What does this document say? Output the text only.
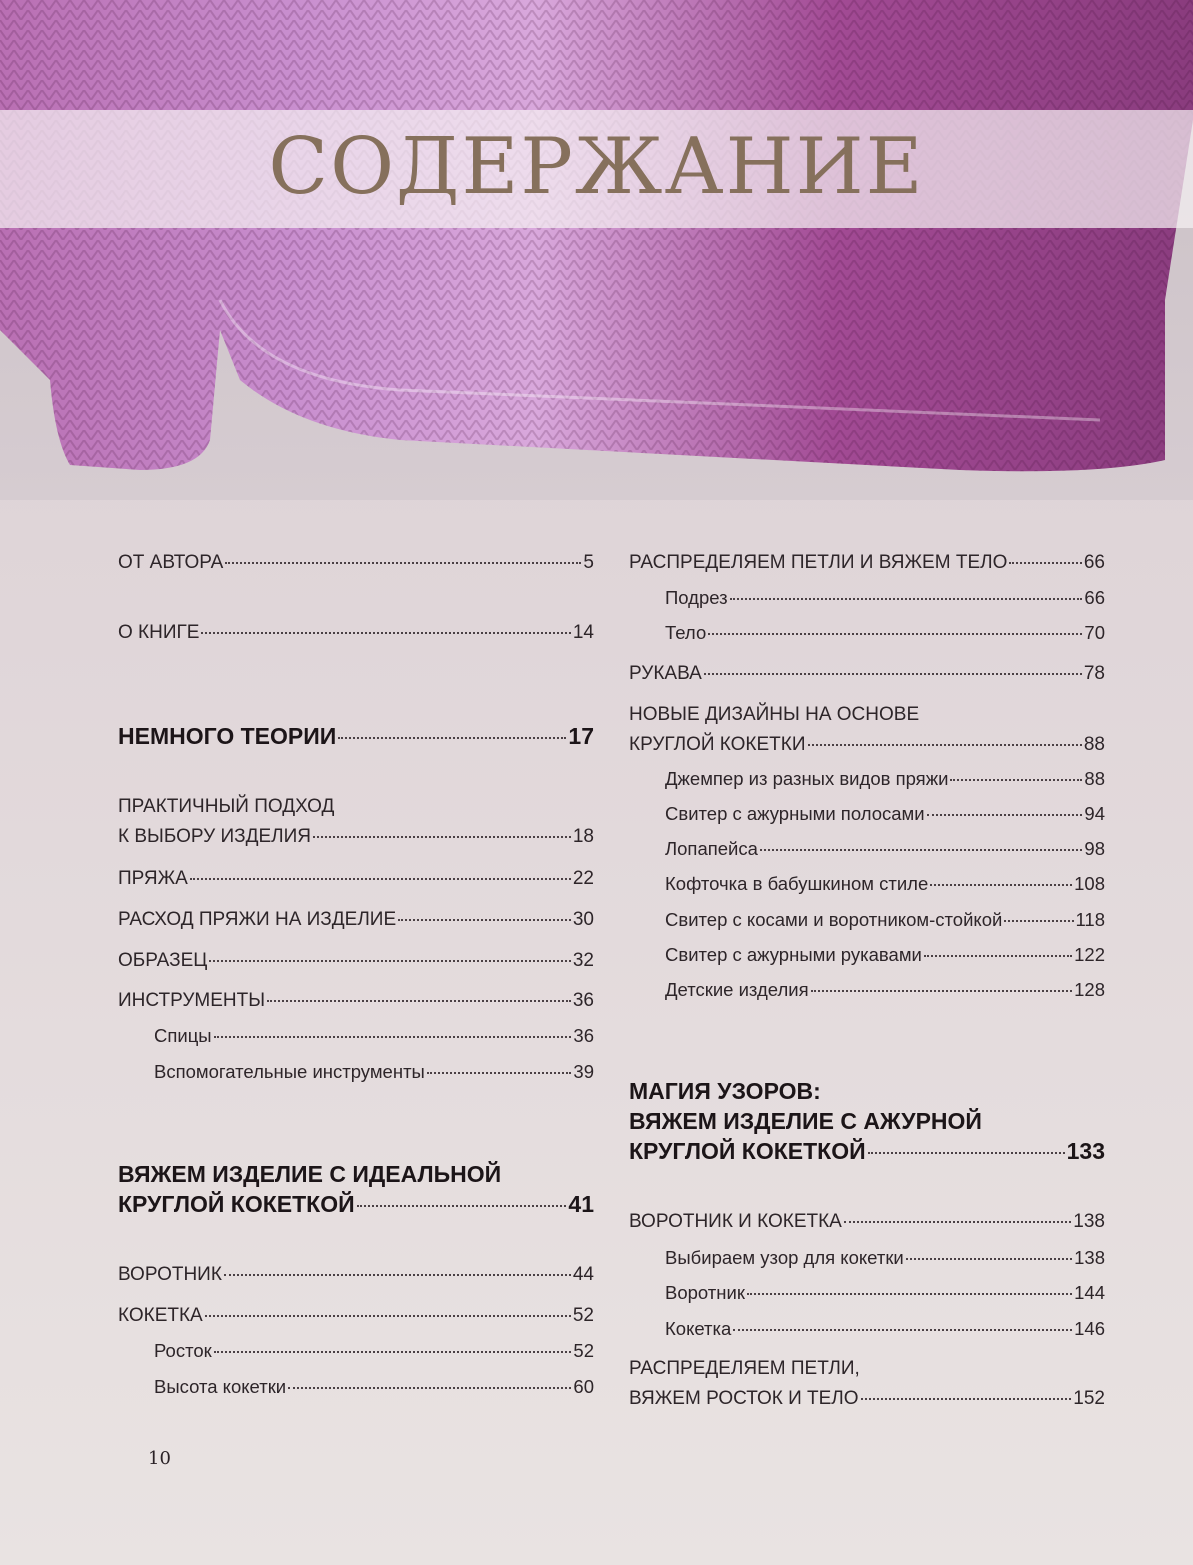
СОДЕРЖАНИЕ
ОТ АВТОРА	5
О КНИГЕ	14
НЕМНОГО ТЕОРИИ	17
ПРАКТИЧНЫЙ ПОДХОД
К ВЫБОРУ ИЗДЕЛИЯ	18
ПРЯЖА	22
РАСХОД ПРЯЖИ НА ИЗДЕЛИЕ	30
ОБРАЗЕЦ	32
ИНСТРУМЕНТЫ	36
Спицы	36
Вспомогательные инструменты	39
ВЯЖЕМ ИЗДЕЛИЕ С ИДЕАЛЬНОЙ
КРУГЛОЙ КОКЕТКОЙ	41
ВОРОТНИК	44
КОКЕТКА	52
Росток	52
Высота кокетки	60
РАСПРЕДЕЛЯЕМ ПЕТЛИ И ВЯЖЕМ ТЕЛО	66
Подрез	66
Тело	70
РУКАВА	78
НОВЫЕ ДИЗАЙНЫ НА ОСНОВЕ
КРУГЛОЙ КОКЕТКИ	88
Джемпер из разных видов пряжи	88
Свитер с ажурными полосами	94
Лопапейса	98
Кофточка в бабушкином стиле	108
Свитер с косами и воротником-стойкой	118
Свитер с ажурными рукавами	122
Детские изделия	128
МАГИЯ УЗОРОВ:
ВЯЖЕМ ИЗДЕЛИЕ С АЖУРНОЙ
КРУГЛОЙ КОКЕТКОЙ	133
ВОРОТНИК И КОКЕТКА	138
Выбираем узор для кокетки	138
Воротник	144
Кокетка	146
РАСПРЕДЕЛЯЕМ ПЕТЛИ,
ВЯЖЕМ РОСТОК И ТЕЛО	152
10
